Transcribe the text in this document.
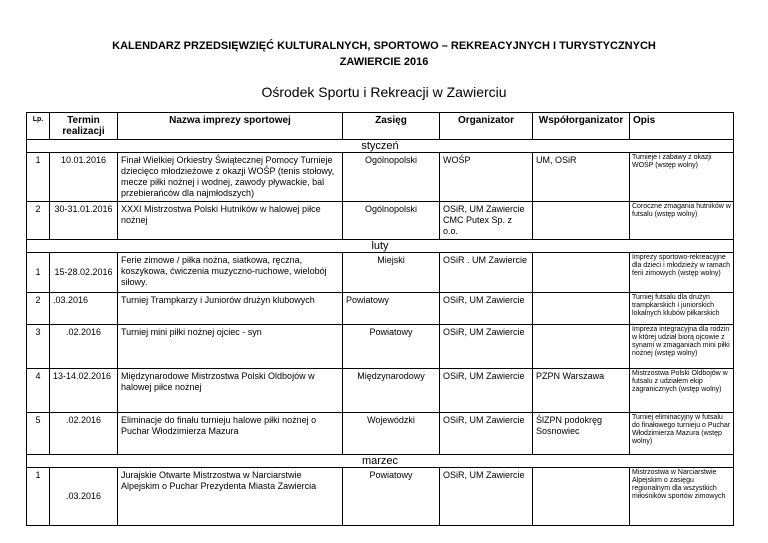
KALENDARZ PRZEDSIĘWZIĘĆ KULTURALNYCH, SPORTOWO – REKREACYJNYCH I TURYSTYCZNYCH
ZAWIERCIE 2016
Ośrodek Sportu i Rekreacji w Zawierciu
Lp.	Termin realizacji	Nazwa imprezy sportowej	Zasięg	Organizator	Współorganizator	Opis
styczeń						
1	10.01.2016	Finał Wielkiej Orkiestry Świątecznej Pomocy Turnieje dziecięco młodzieżowe z okazji WOŚP (tenis stołowy, mecze piłki nożnej i wodnej, zawody pływackie, bal przebierańców dla najmłodszych)	Ogólnopolski	WOŚP	UM, OSiR	Turnieje i zabawy z okazji WOŚP (wstęp wolny)
2	30-31.01.2016	XXXI Mistrzostwa Polski Hutników w halowej piłce nożnej	Ogólnopolski	OSiR, UM Zawiercie CMC Putex Sp. z o.o.		Coroczne zmagania hutników w futsalu (wstęp wolny)
luty						
1	15-28.02.2016	Ferie zimowe / piłka nożna, siatkowa, ręczna, koszykowa, ćwiczenia muzyczno-ruchowe, wielobój siłowy.	Miejski	OSiR . UM Zawiercie		Imprezy sportowo-rekreacyjne dla dzieci i młodzieży w ramach ferii zimowych (wstęp wolny)
2	.03.2016	Turniej Trampkarzy i Juniorów drużyn klubowych	Powiatowy	OSiR, UM Zawiercie		Turniej futsalu dla drużyn trampkarskich i juniorskich lokalnych klubów piłkarskich
3	.02.2016	Turniej mini piłki nożnej ojciec - syn	Powiatowy	OSiR, UM Zawiercie		Impreza integracyjna dla rodzin w której udział biorą ojcowie z synami w zmaganiach mini piłki nożnej (wstęp wolny)
4	13-14.02.2016	Międzynarodowe Mistrzostwa Polski Oldbojów w halowej piłce nożnej	Międzynarodowy	OSiR, UM Zawiercie	PZPN Warszawa	Mistrzostwa Polski Oldbojów w futsalu z udziałem ekip zagranicznych (wstęp wolny)
5	.02.2016	Eliminacje do finału turnieju halowe piłki nożnej o Puchar Włodzimierza Mazura	Wojewódzki	OSiR, UM Zawiercie	ŚlZPN podokręg Sosnowiec	Turniej eliminacyjny w futsalu do finałowego turnieju o Puchar Włodzimierza Mazura (wstęp wolny)
marzec						
1	.03.2016	Jurajskie Otwarte Mistrzostwa w Narciarstwie Alpejskim o Puchar Prezydenta Miasta Zawiercia	Powiatowy	OSiR, UM Zawiercie		Mistrzostwa w Narciarstwie Alpejskim o zasięgu regionalnym dla wszystkich miłośników sportów zimowych
